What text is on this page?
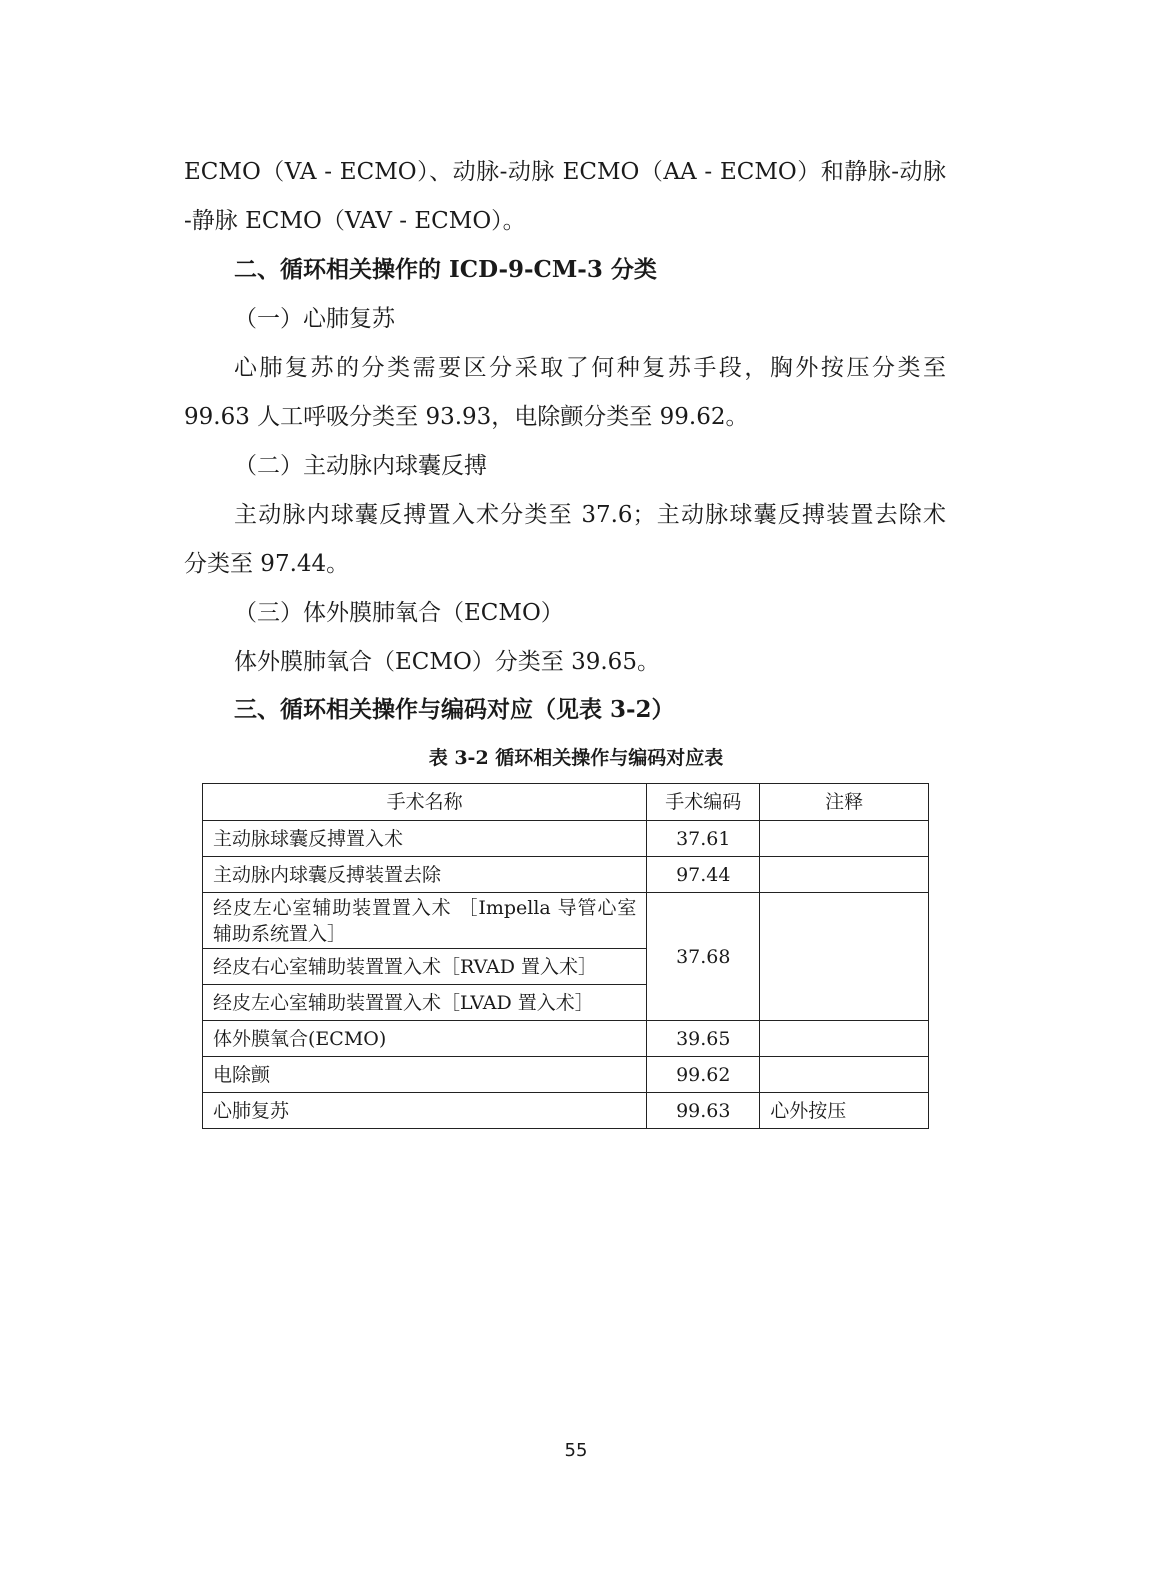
ECMO（VA - ECMO）、动脉-动脉 ECMO（AA - ECMO）和静脉-动脉
-静脉 ECMO（VAV - ECMO）。
二、循环相关操作的 ICD-9-CM-3 分类
（一）心肺复苏
心肺复苏的分类需要区分采取了何种复苏手段，胸外按压分类至
99.63 人工呼吸分类至 93.93，电除颤分类至 99.62。
（二）主动脉内球囊反搏
主动脉内球囊反搏置入术分类至 37.6；主动脉球囊反搏装置去除术
分类至 97.44。
（三）体外膜肺氧合（ECMO）
体外膜肺氧合（ECMO）分类至 39.65。
三、循环相关操作与编码对应（见表 3-2）
表 3-2 循环相关操作与编码对应表
手术名称	手术编码	注释
主动脉球囊反搏置入术	37.61	
主动脉内球囊反搏装置去除	97.44	
经皮左心室辅助装置置入术 ［Impella 导管心室辅助系统置入］	37.68	
经皮右心室辅助装置置入术［RVAD 置入术］		
经皮左心室辅助装置置入术［LVAD 置入术］		
体外膜氧合(ECMO)	39.65	
电除颤	99.62	
心肺复苏	99.63	心外按压
55
